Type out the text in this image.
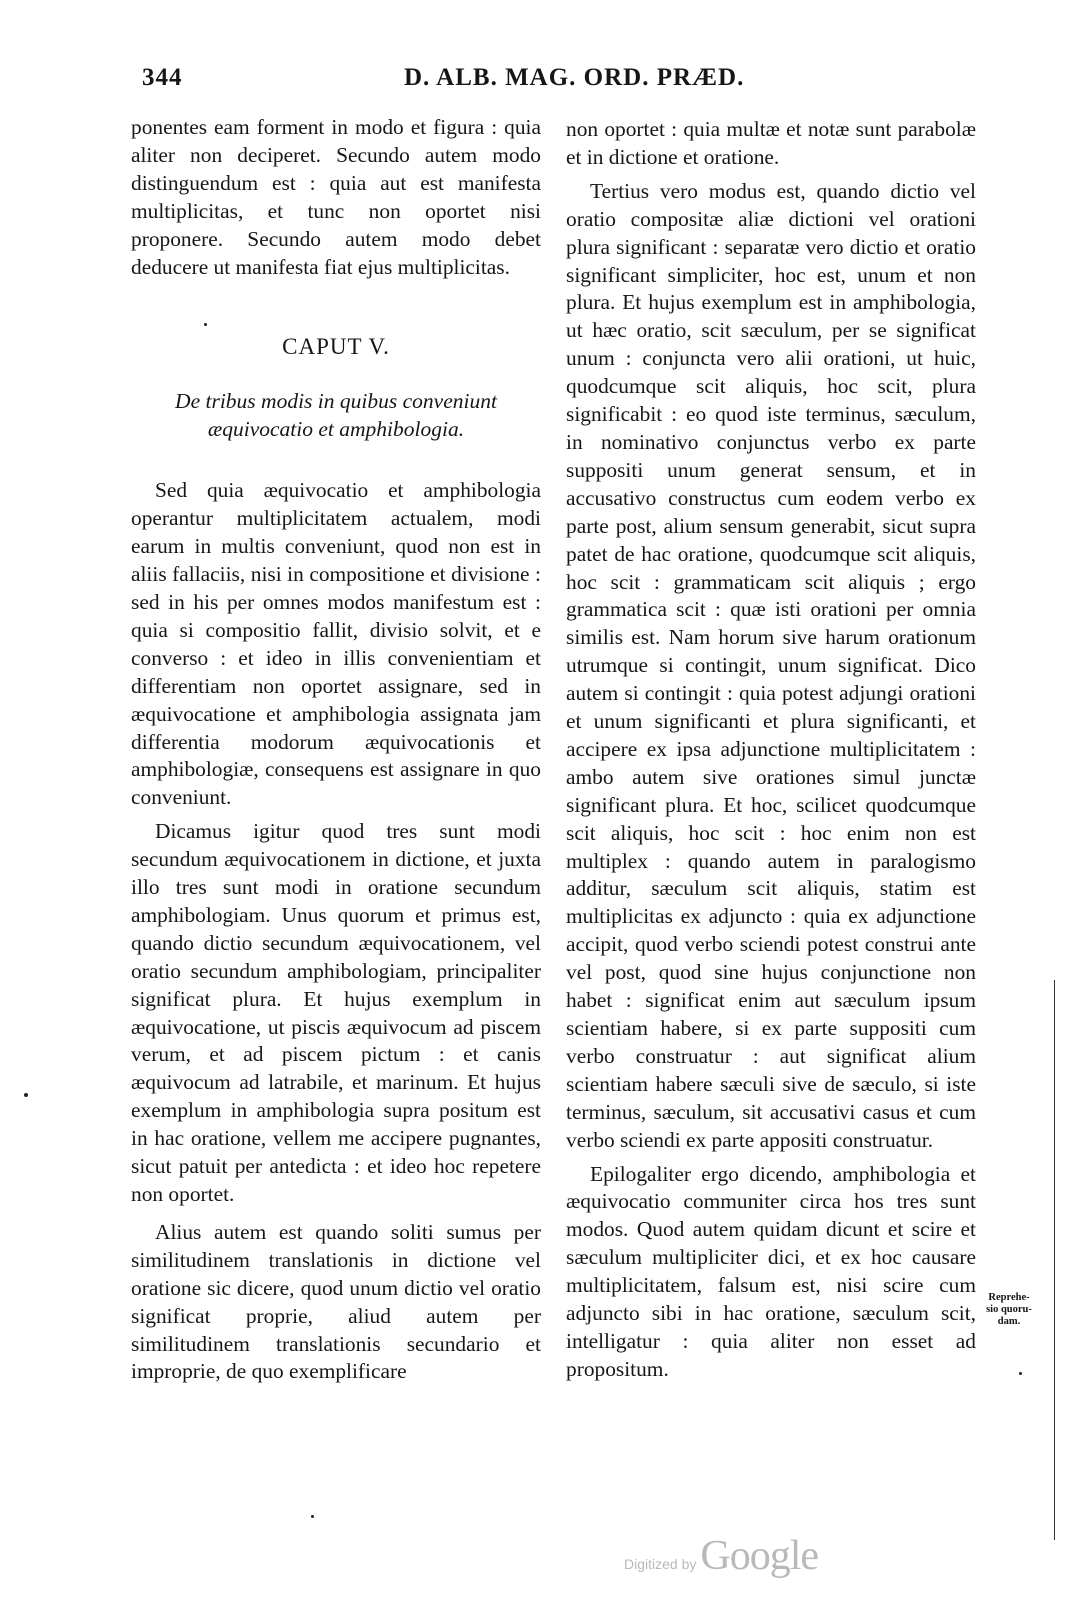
344	D. ALB. MAG. ORD. PRÆD.

ponentes eam forment in modo et figura : quia aliter non deciperet. Secundo autem modo distinguendum est : quia aut est manifesta multiplicitas, et tunc non oportet nisi proponere. Secundo autem modo debet deducere ut manifesta fiat ejus multiplicitas.

CAPUT V.

De tribus modis in quibus conveniunt
æquivocatio et amphibologia.

Sed quia æquivocatio et amphibologia operantur multiplicitatem actualem, modi earum in multis conveniunt, quod non est in aliis fallaciis, nisi in compositione et divisione : sed in his per omnes modos manifestum est : quia si compositio fallit, divisio solvit, et e converso : et ideo in illis convenientiam et differentiam non oportet assignare, sed in æquivocatione et amphibologia assignata jam differentia modorum æquivocationis et amphibologiæ, consequens est assignare in quo conveniunt.

Dicamus igitur quod tres sunt modi secundum æquivocationem in dictione, et juxta illo tres sunt modi in oratione secundum amphibologiam. Unus quorum et primus est, quando dictio secundum æquivocationem, vel oratio secundum amphibologiam, principaliter significat plura. Et hujus exemplum in æquivocatione, ut piscis æquivocum ad piscem verum, et ad piscem pictum : et canis æquivocum ad latrabile, et marinum. Et hujus exemplum in amphibologia supra positum est in hac oratione, vellem me accipere pugnantes, sicut patuit per antedicta : et ideo hoc repetere non oportet.

Alius autem est quando soliti sumus per similitudinem translationis in dictione vel oratione sic dicere, quod unum dictio vel oratio significat proprie, aliud autem per similitudinem translationis secundario et improprie, de quo exemplificare

non oportet : quia multæ et notæ sunt parabolæ et in dictione et oratione.

Tertius vero modus est, quando dictio vel oratio compositæ aliæ dictioni vel orationi plura significant : separatæ vero dictio et oratio significant simpliciter, hoc est, unum et non plura. Et hujus exemplum est in amphibologia, ut hæc oratio, scit sæculum, per se significat unum : conjuncta vero alii orationi, ut huic, quodcumque scit aliquis, hoc scit, plura significabit : eo quod iste terminus, sæculum, in nominativo conjunctus verbo ex parte suppositi unum generat sensum, et in accusativo constructus cum eodem verbo ex parte post, alium sensum generabit, sicut supra patet de hac oratione, quodcumque scit aliquis, hoc scit : grammaticam scit aliquis ; ergo grammatica scit : quæ isti orationi per omnia similis est. Nam horum sive harum orationum utrumque si contingit, unum significat. Dico autem si contingit : quia potest adjungi orationi et unum significanti et plura significanti, et accipere ex ipsa adjunctione multiplicitatem : ambo autem sive orationes simul junctæ significant plura. Et hoc, scilicet quodcumque scit aliquis, hoc scit : hoc enim non est multiplex : quando autem in paralogismo additur, sæculum scit aliquis, statim est multiplicitas ex adjuncto : quia ex adjunctione accipit, quod verbo sciendi potest construi ante vel post, quod sine hujus conjunctione non habet : significat enim aut sæculum ipsum scientiam habere, si ex parte suppositi cum verbo construatur : aut significat alium scientiam habere sæculi sive de sæculo, si iste terminus, sæculum, sit accusativi casus et cum verbo sciendi ex parte appositi construatur.

Epilogaliter ergo dicendo, amphibologia et æquivocatio communiter circa hos tres sunt modos. Quod autem quidam dicunt et scire et sæculum multipliciter dici, et ex hoc causare multiplicitatem, falsum est, nisi scire cum adjuncto sibi in hac oratione, sæculum scit, intelligatur : quia aliter non esset ad propositum.

Reprehe-
sio quoru-
dam.
Digitized byGoogle
